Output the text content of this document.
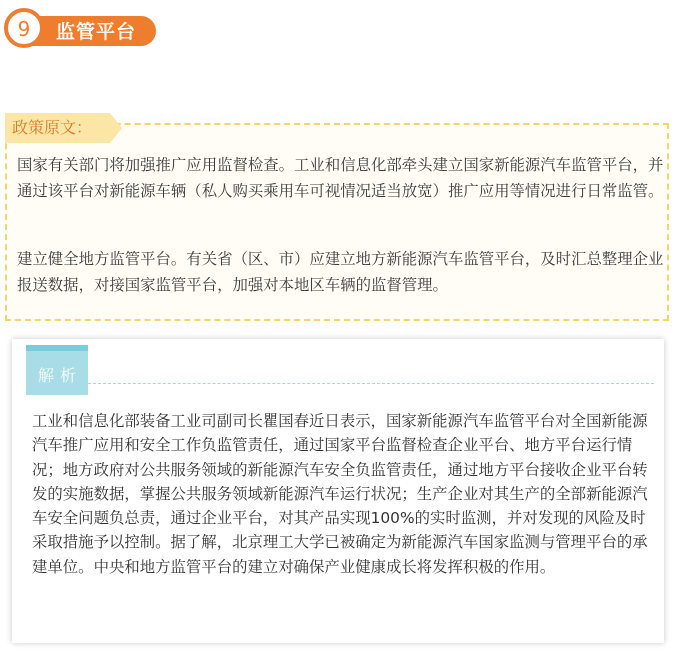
监管平台
9

国家有关部门将加强推广应用监督检查。工业和信息化部牵头建立国家新能源汽车监管平台，并通过该平台对新能源车辆（私人购买乘用车可视情况适当放宽）推广应用等情况进行日常监管。

建立健全地方监管平台。有关省（区、市）应建立地方新能源汽车监管平台，及时汇总整理企业报送数据，对接国家监管平台，加强对本地区车辆的监督管理。

政策原文：
解析

工业和信息化部装备工业司副司长瞿国春近日表示，国家新能源汽车监管平台对全国新能源汽车推广应用和安全工作负监管责任，通过国家平台监督检查企业平台、地方平台运行情况；地方政府对公共服务领域的新能源汽车安全负监管责任，通过地方平台接收企业平台转发的实施数据，掌握公共服务领域新能源汽车运行状况；生产企业对其生产的全部新能源汽车安全问题负总责，通过企业平台，对其产品实现100%的实时监测，并对发现的风险及时采取措施予以控制。据了解，北京理工大学已被确定为新能源汽车国家监测与管理平台的承建单位。中央和地方监管平台的建立对确保产业健康成长将发挥积极的作用。
